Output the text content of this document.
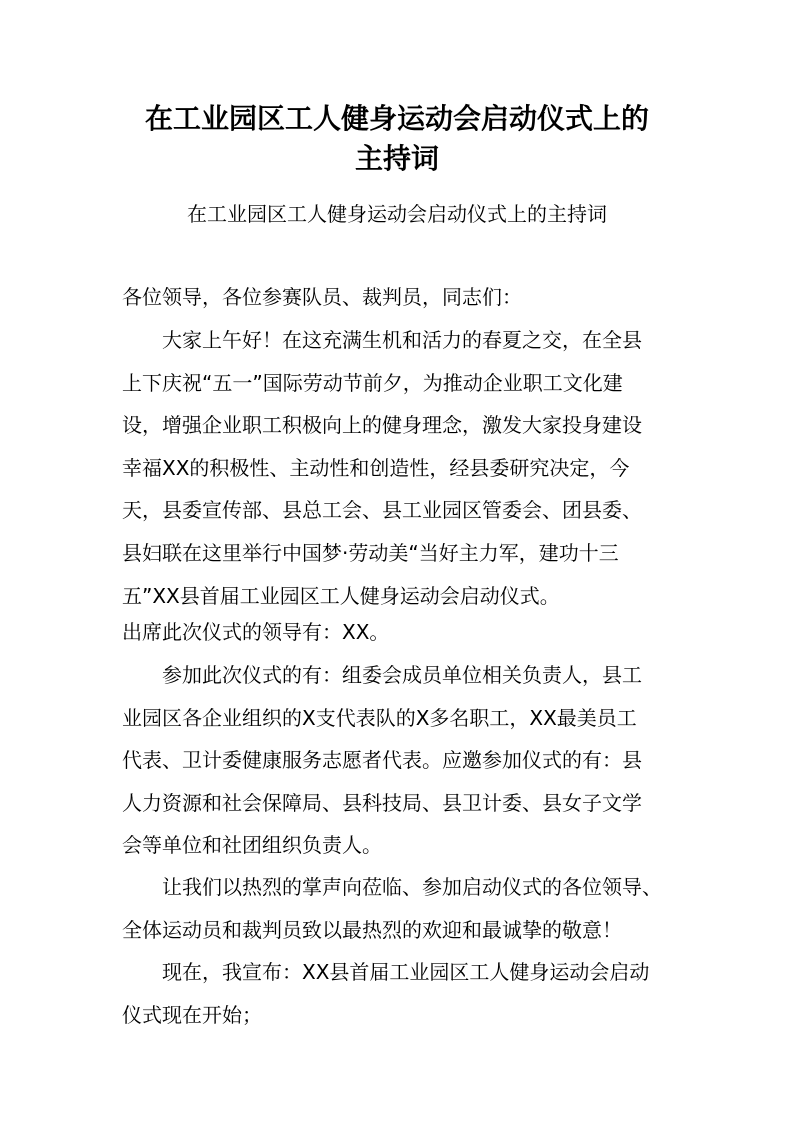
在工业园区工人健身运动会启动仪式上的
主持词
在工业园区工人健身运动会启动仪式上的主持词
各位领导，各位参赛队员、裁判员，同志们：
大家上午好！在这充满生机和活力的春夏之交，在全县
上下庆祝“五一”国际劳动节前夕，为推动企业职工文化建
设，增强企业职工积极向上的健身理念，激发大家投身建设
幸福XX的积极性、主动性和创造性，经县委研究决定，今
天，县委宣传部、县总工会、县工业园区管委会、团县委、
县妇联在这里举行中国梦·劳动美“当好主力军，建功十三
五”XX县首届工业园区工人健身运动会启动仪式。
出席此次仪式的领导有：XX。
参加此次仪式的有：组委会成员单位相关负责人，县工
业园区各企业组织的X支代表队的X多名职工，XX最美员工
代表、卫计委健康服务志愿者代表。应邀参加仪式的有：县
人力资源和社会保障局、县科技局、县卫计委、县女子文学
会等单位和社团组织负责人。
让我们以热烈的掌声向莅临、参加启动仪式的各位领导、
全体运动员和裁判员致以最热烈的欢迎和最诚挚的敬意！
现在，我宣布：XX县首届工业园区工人健身运动会启动
仪式现在开始；
